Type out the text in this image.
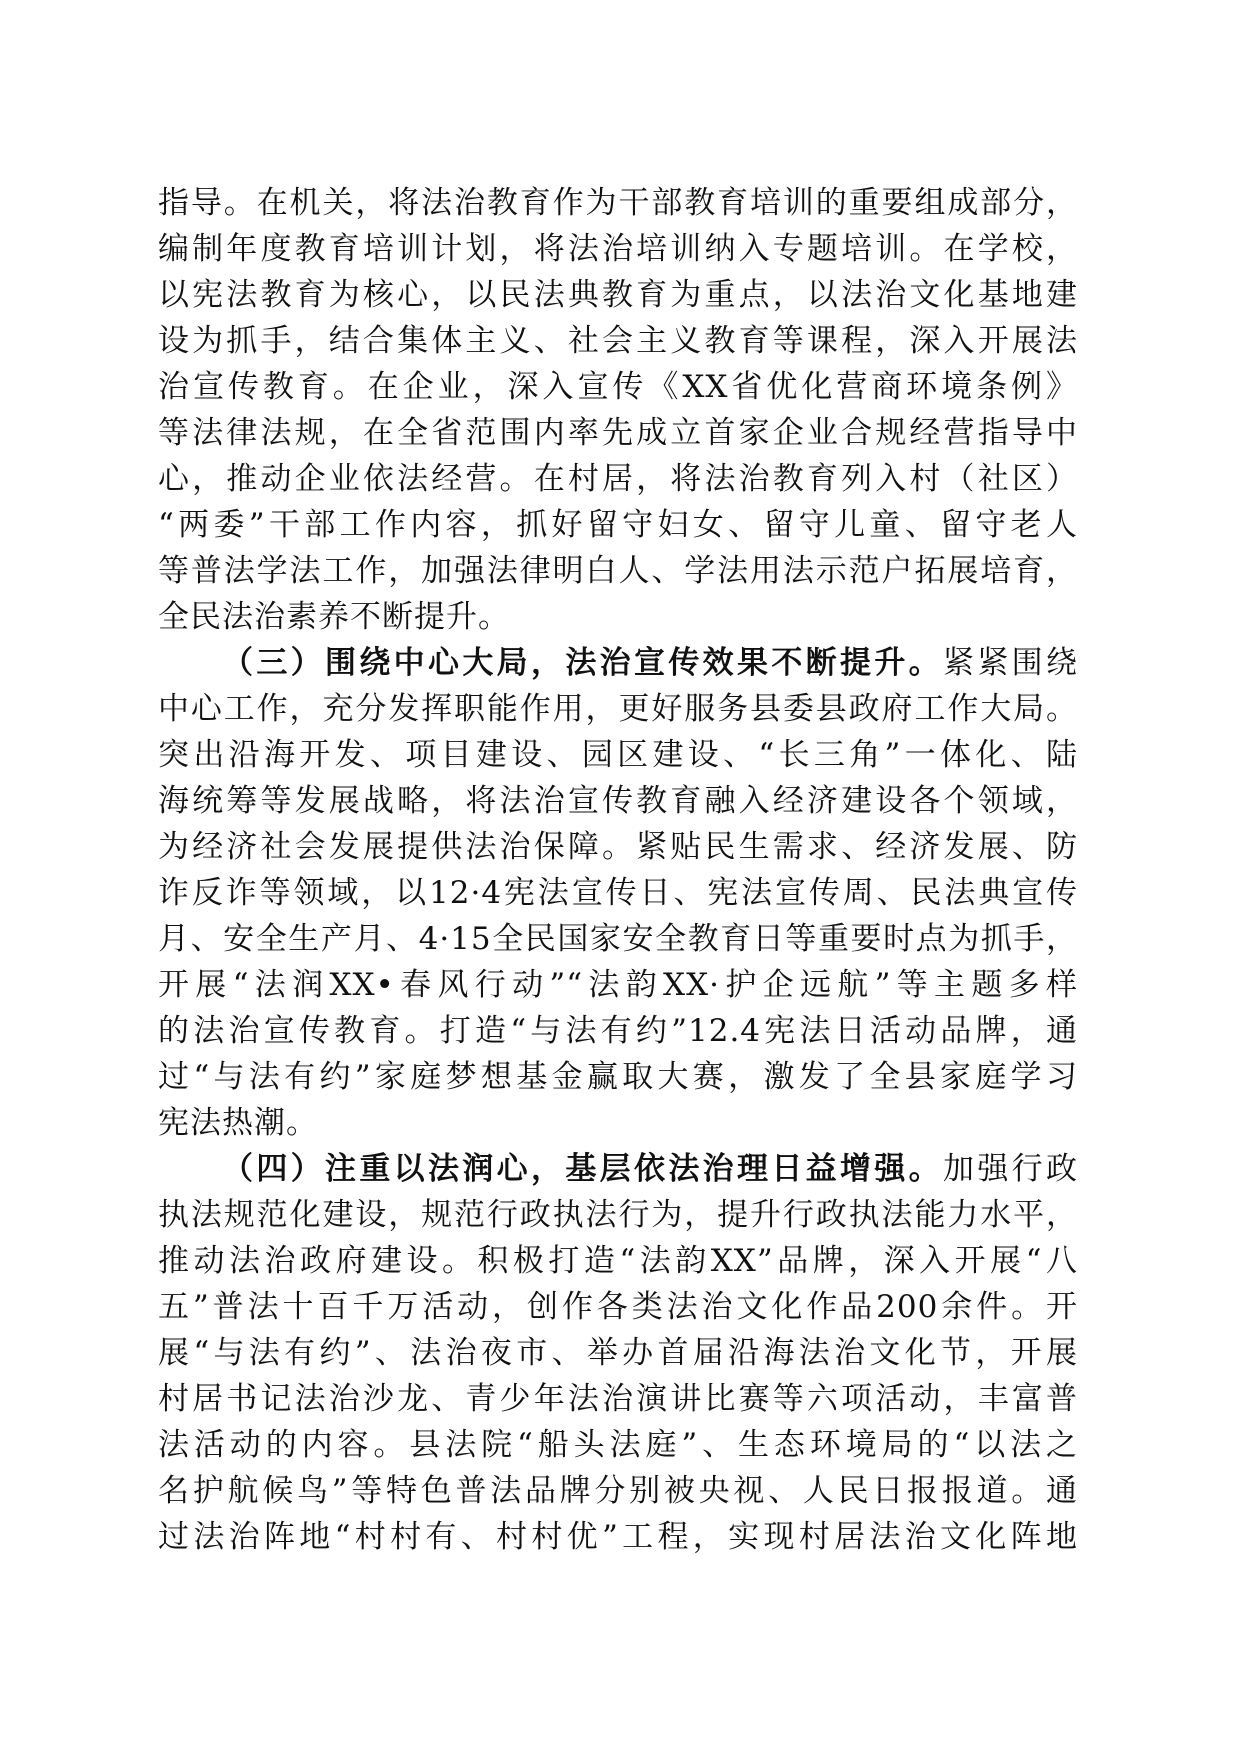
指导。在机关，将法治教育作为干部教育培训的重要组成部分，
编制年度教育培训计划，将法治培训纳入专题培训。在学校，
以宪法教育为核心，以民法典教育为重点，以法治文化基地建
设为抓手，结合集体主义、社会主义教育等课程，深入开展法
治宣传教育。在企业，深入宣传《XX省优化营商环境条例》
等法律法规，在全省范围内率先成立首家企业合规经营指导中
心，推动企业依法经营。在村居，将法治教育列入村（社区）
“两委”干部工作内容，抓好留守妇女、留守儿童、留守老人
等普法学法工作，加强法律明白人、学法用法示范户拓展培育，
全民法治素养不断提升。
（三）围绕中心大局，法治宣传效果不断提升。紧紧围绕
中心工作，充分发挥职能作用，更好服务县委县政府工作大局。
突出沿海开发、项目建设、园区建设、“长三角”一体化、陆
海统筹等发展战略，将法治宣传教育融入经济建设各个领域，
为经济社会发展提供法治保障。紧贴民生需求、经济发展、防
诈反诈等领域，以12·4宪法宣传日、宪法宣传周、民法典宣传
月、安全生产月、4·15全民国家安全教育日等重要时点为抓手，
开展“法润XX•春风行动”“法韵XX·护企远航”等主题多样
的法治宣传教育。打造“与法有约”12.4宪法日活动品牌，通
过“与法有约”家庭梦想基金赢取大赛，激发了全县家庭学习
宪法热潮。
（四）注重以法润心，基层依法治理日益增强。加强行政
执法规范化建设，规范行政执法行为，提升行政执法能力水平，
推动法治政府建设。积极打造“法韵XX”品牌，深入开展“八
五”普法十百千万活动，创作各类法治文化作品200余件。开
展“与法有约”、法治夜市、举办首届沿海法治文化节，开展
村居书记法治沙龙、青少年法治演讲比赛等六项活动，丰富普
法活动的内容。县法院“船头法庭”、生态环境局的“以法之
名护航候鸟”等特色普法品牌分别被央视、人民日报报道。通
过法治阵地“村村有、村村优”工程，实现村居法治文化阵地
